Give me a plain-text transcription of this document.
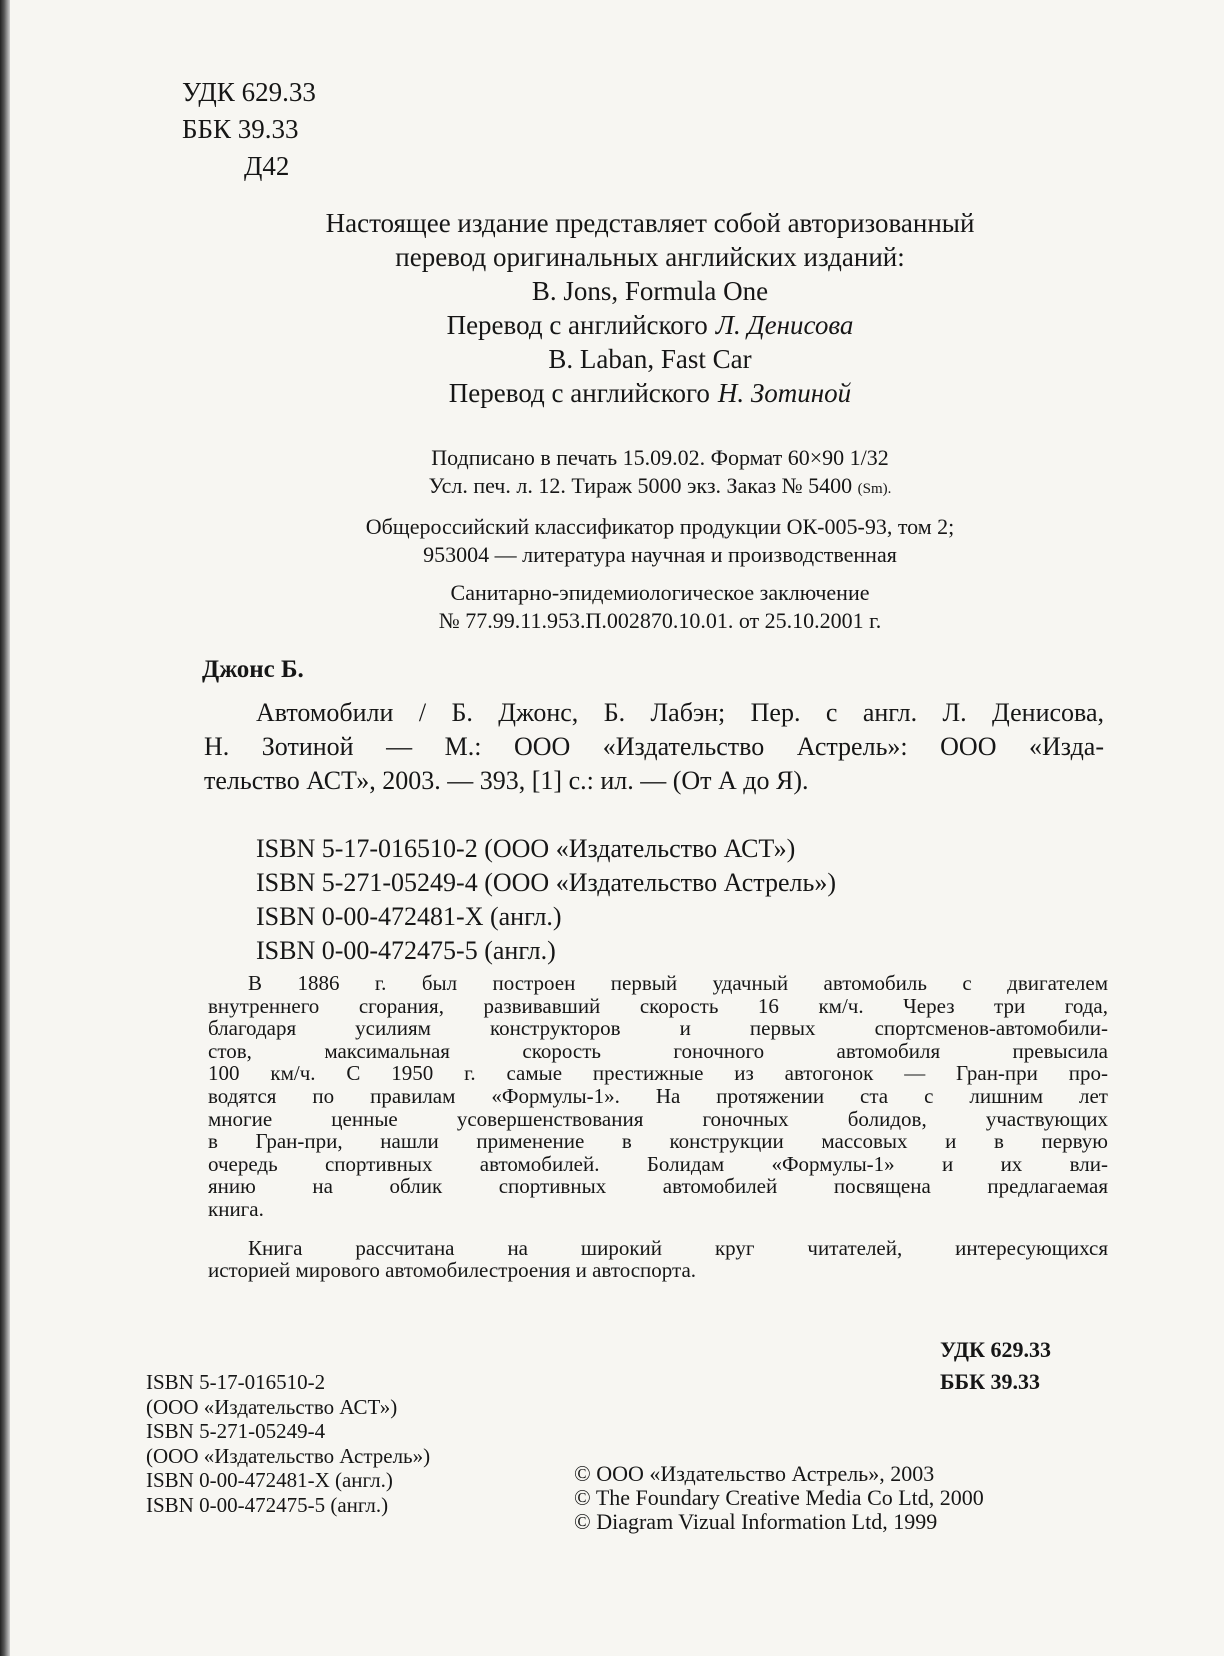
УДК 629.33
ББК 39.33
Д42
Настоящее издание представляет собой авторизованный
перевод оригинальных английских изданий:
B. Jons, Formula One
Перевод с английского Л. Денисова
B. Laban, Fast Car
Перевод с английского Н. Зотиной
Подписано в печать 15.09.02. Формат 60×90 1/32
Усл. печ. л. 12. Тираж 5000 экз. Заказ № 5400 (Sm).
Общероссийский классификатор продукции ОК-005-93, том 2;
953004 — литература научная и производственная
Санитарно-эпидемиологическое заключение
№ 77.99.11.953.П.002870.10.01. от 25.10.2001 г.
Джонс Б.
Автомобили / Б. Джонс, Б. Лабэн; Пер. с англ. Л. Денисова,
Н. Зотиной — М.: ООО «Издательство Астрель»: ООО «Изда-
тельство АСТ», 2003. — 393, [1] с.: ил. — (От А до Я).
ISBN 5-17-016510-2 (ООО «Издательство АСТ»)
ISBN 5-271-05249-4 (ООО «Издательство Астрель»)
ISBN 0-00-472481-X (англ.)
ISBN 0-00-472475-5 (англ.)
В 1886 г. был построен первый удачный автомобиль с двигателем
внутреннего сгорания, развивавший скорость 16 км/ч. Через три года,
благодаря усилиям конструкторов и первых спортсменов-автомобили-
стов, максимальная скорость гоночного автомобиля превысила
100 км/ч. С 1950 г. самые престижные из автогонок — Гран-при про-
водятся по правилам «Формулы-1». На протяжении ста с лишним лет
многие ценные усовершенствования гоночных болидов, участвующих
в Гран-при, нашли применение в конструкции массовых и в первую
очередь спортивных автомобилей. Болидам «Формулы-1» и их вли-
янию на облик спортивных автомобилей посвящена предлагаемая
книга.
Книга рассчитана на широкий круг читателей, интересующихся
историей мирового автомобилестроения и автоспорта.
УДК 629.33
ББК 39.33
ISBN 5-17-016510-2
(ООО «Издательство АСТ»)
ISBN 5-271-05249-4
(ООО «Издательство Астрель»)
ISBN 0-00-472481-X (англ.)
ISBN 0-00-472475-5 (англ.)
© ООО «Издательство Астрель», 2003
© The Foundary Creative Media Co Ltd, 2000
© Diagram Vizual Information Ltd, 1999
